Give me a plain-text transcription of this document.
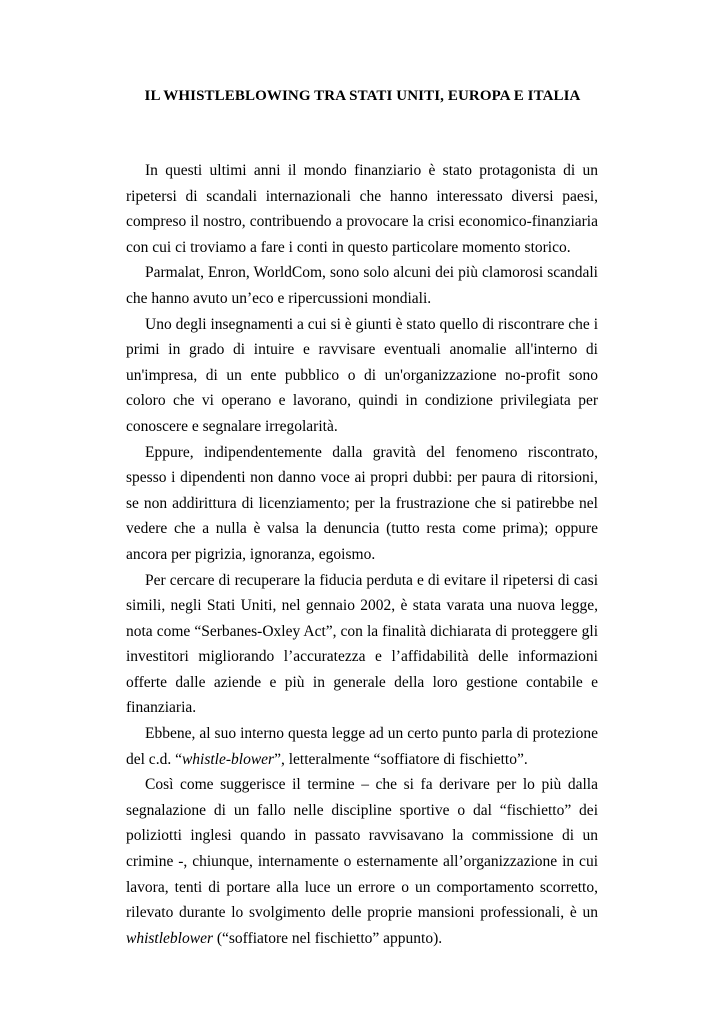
IL WHISTLEBLOWING TRA STATI UNITI, EUROPA E ITALIA

In questi ultimi anni il mondo finanziario è stato protagonista di un ripetersi di scandali internazionali che hanno interessato diversi paesi, compreso il nostro, contribuendo a provocare la crisi economico-finanziaria con cui ci troviamo a fare i conti in questo particolare momento storico.

Parmalat, Enron, WorldCom, sono solo alcuni dei più clamorosi scandali che hanno avuto un’eco e ripercussioni mondiali.

Uno degli insegnamenti a cui si è giunti è stato quello di riscontrare che i primi in grado di intuire e ravvisare eventuali anomalie all'interno di un'impresa, di un ente pubblico o di un'organizzazione no-profit sono coloro che vi operano e lavorano, quindi in condizione privilegiata per conoscere e segnalare irregolarità.

Eppure, indipendentemente dalla gravità del fenomeno riscontrato, spesso i dipendenti non danno voce ai propri dubbi: per paura di ritorsioni, se non addirittura di licenziamento; per la frustrazione che si patirebbe nel vedere che a nulla è valsa la denuncia (tutto resta come prima); oppure ancora per pigrizia, ignoranza, egoismo.

Per cercare di recuperare la fiducia perduta e di evitare il ripetersi di casi simili, negli Stati Uniti, nel gennaio 2002, è stata varata una nuova legge, nota come “Serbanes-Oxley Act”, con la finalità dichiarata di proteggere gli investitori migliorando l’accuratezza e l’affidabilità delle informazioni offerte dalle aziende e più in generale della loro gestione contabile e finanziaria.

Ebbene, al suo interno questa legge ad un certo punto parla di protezione del c.d. “whistle-blower”, letteralmente “soffiatore di fischietto”.

Così come suggerisce il termine – che si fa derivare per lo più dalla segnalazione di un fallo nelle discipline sportive o dal “fischietto” dei poliziotti inglesi quando in passato ravvisavano la commissione di un crimine -, chiunque, internamente o esternamente all’organizzazione in cui lavora, tenti di portare alla luce un errore o un comportamento scorretto, rilevato durante lo svolgimento delle proprie mansioni professionali, è un whistleblower (“soffiatore nel fischietto” appunto).
